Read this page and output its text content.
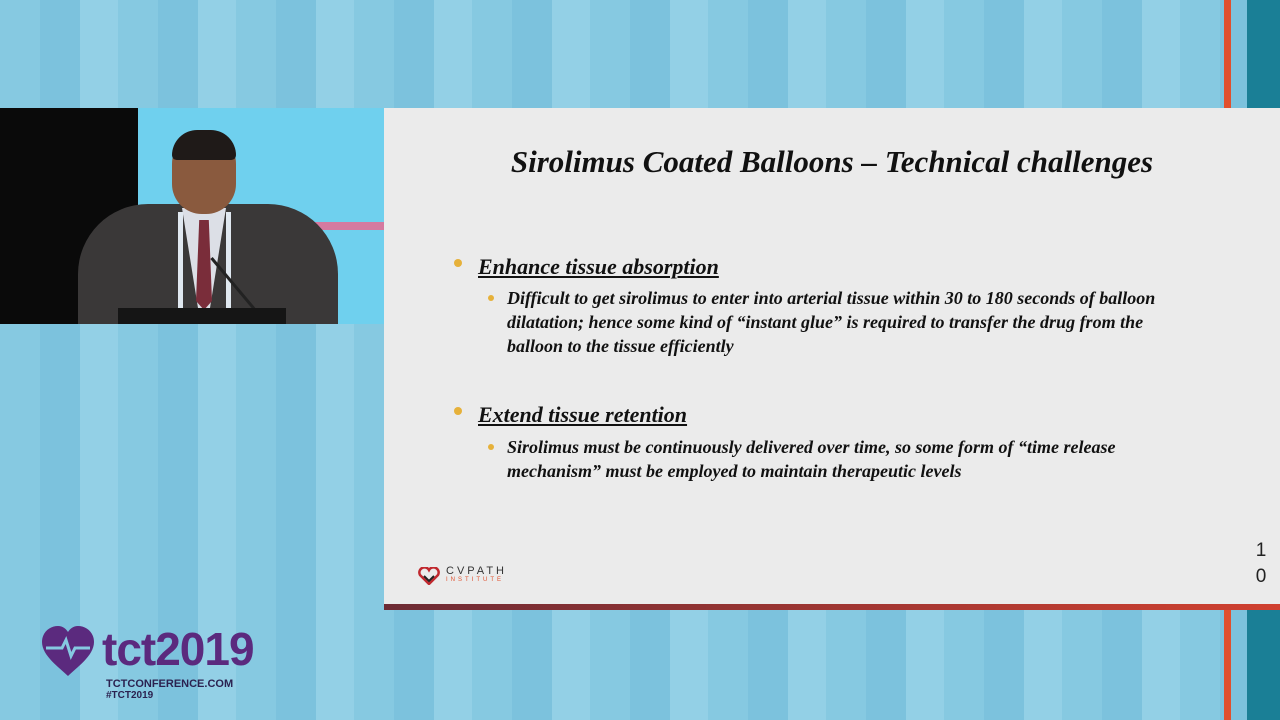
Sirolimus Coated Balloons – Technical challenges
Enhance tissue absorption
Difficult to get sirolimus to enter into arterial tissue within 30 to 180 seconds of balloon
dilatation; hence some kind of “instant glue” is required to transfer the drug from the
balloon to the tissue efficiently
Extend tissue retention
Sirolimus must be continuously delivered over time, so some form of “time release
mechanism” must be employed to maintain therapeutic levels
CVPATH
INSTITUTE
1
0
tct2019
TCTCONFERENCE.COM
#TCT2019
